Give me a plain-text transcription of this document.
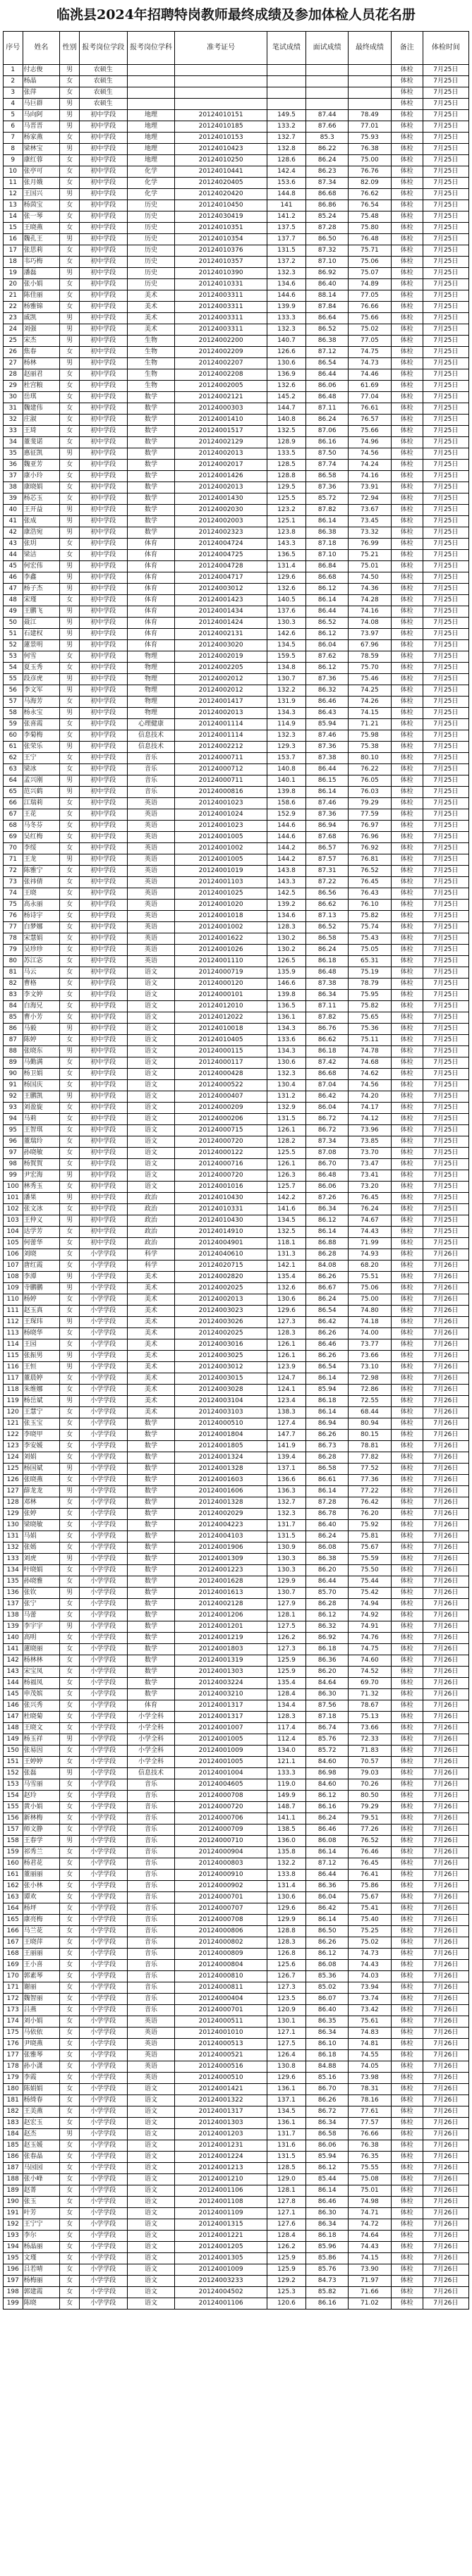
临洮县2024年招聘特岗教师最终成绩及参加体检人员花名册
序号	姓名	性别	报考岗位学段	报考岗位学科	准考证号	笔试成绩	面试成绩	最终成绩	备注	体检时间
1	付志俊	男	农硕生						体检	7月25日
2	杨晶	女	农硕生						体检	7月25日
3	张萍	女	农硕生						体检	7月25日
4	马巨群	男	农硕生						体检	7月25日
5	马向阿	男	初中学段	地理	20124010151	149.5	87.44	78.49	体检	7月25日
6	马晋晋	男	初中学段	地理	20124010185	133.2	87.66	77.01	体检	7月25日
7	杨家燕	女	初中学段	地理	20124010153	132.7	85.3	75.93	体检	7月25日
8	梁林宝	男	初中学段	地理	20124010423	132.8	86.22	76.38	体检	7月25日
9	康红蓉	女	初中学段	地理	20124010250	128.6	86.24	75.00	体检	7月25日
10	张亭可	女	初中学段	化学	20124010441	142.4	86.23	76.76	体检	7月25日
11	张月娥	女	初中学段	化学	20124020405	153.6	87.34	82.09	体检	7月25日
12	王国兴	男	初中学段	化学	20124020420	144.8	86.68	76.62	体检	7月25日
13	杨茵宝	女	初中学段	历史	20124010450	141	86.86	76.54	体检	7月25日
14	张一琴	女	初中学段	历史	20124030419	141.2	85.24	75.48	体检	7月25日
15	王晓燕	女	初中学段	历史	20124010351	137.5	87.28	75.80	体检	7月25日
16	魏孔王	男	初中学段	历史	20124010354	137.7	86.50	76.48	体检	7月25日
17	张思莉	女	初中学段	历史	20124010376	131.5	87.32	75.71	体检	7月25日
18	韦巧梅	女	初中学段	历史	20124010357	137.2	87.10	75.06	体检	7月25日
19	潘磊	男	初中学段	历史	20124010390	132.3	86.92	75.07	体检	7月25日
20	张小娟	女	初中学段	历史	20124010331	134.6	86.40	74.89	体检	7月25日
21	陈佳丽	女	初中学段	美术	20124003311	144.6	88.14	77.05	体检	7月25日
22	杨雅锦	女	初中学段	美术	20124003311	139.9	87.84	76.66	体检	7月25日
23	戚凯	男	初中学段	美术	20124003311	133.3	86.64	75.66	体检	7月25日
24	刘强	男	初中学段	美术	20124003311	132.3	86.52	75.02	体检	7月25日
25	宋杰	男	初中学段	生物	20124002200	140.7	86.38	77.05	体检	7月25日
26	焦春	女	初中学段	生物	20124002209	126.6	87.12	74.75	体检	7月25日
27	杨林	男	初中学段	生物	20124002207	130.6	86.54	74.73	体检	7月25日
28	赵丽君	女	初中学段	生物	20124002208	136.9	86.44	74.46	体检	7月25日
29	杜宫粮	女	初中学段	生物	20124002005	132.6	86.06	61.69	体检	7月25日
30	岳琪	女	初中学段	数学	20124002121	145.2	86.48	77.04	体检	7月25日
31	魏建伟	女	初中学段	数学	20124000303	144.7	87.11	76.61	体检	7月25日
32	庄淑	女	初中学段	数学	20124001410	140.8	86.24	76.57	体检	7月25日
33	王琦	女	初中学段	数学	20124001517	132.5	87.06	75.66	体检	7月25日
34	董斐诺	女	初中学段	数学	20124002129	128.9	86.16	74.96	体检	7月25日
35	惠征凯	男	初中学段	数学	20124002013	133.5	87.50	74.56	体检	7月25日
36	魏亚芳	女	初中学段	数学	20124002017	128.5	87.74	74.24	体检	7月25日
37	康小玲	女	初中学段	数学	20124001426	128.8	86.58	74.16	体检	7月25日
38	康晓娟	女	初中学段	数学	20124002013	129.5	87.36	73.91	体检	7月25日
39	杨芯玉	女	初中学段	数学	20124001430	125.5	85.72	72.94	体检	7月25日
40	王开益	男	初中学段	数学	20124002030	123.2	87.82	73.67	体检	7月25日
41	张成	男	初中学段	数学	20124002003	125.1	86.14	73.45	体检	7月25日
42	康浩宛	男	初中学段	数学	20124002323	123.8	86.38	73.32	体检	7月25日
43	张玥	女	初中学段	体育	20124004724	143.3	87.18	76.99	体检	7月25日
44	梁洁	女	初中学段	体育	20124004725	136.5	87.10	75.21	体检	7月25日
45	何宏伟	男	初中学段	体育	20124004728	131.4	86.84	75.01	体检	7月25日
46	李鑫	男	初中学段	体育	20124004717	129.6	86.68	74.50	体检	7月25日
47	杨子杰	男	初中学段	体育	20124003012	132.6	86.12	74.36	体检	7月25日
48	宋瑾	女	初中学段	体育	20124001423	140.5	86.14	74.28	体检	7月25日
49	王鹏飞	男	初中学段	体育	20124001434	137.6	86.44	74.16	体检	7月25日
50	聂江	男	初中学段	体育	20124001424	130.3	86.52	74.08	体检	7月25日
51	石建权	男	初中学段	体育	20124002131	142.6	86.12	73.97	体检	7月25日
52	蓮景明	男	初中学段	体育	20124003020	134.5	86.04	67.96	体检	7月25日
53	何雪	女	初中学段	物理	20124002019	159.5	87.62	78.59	体检	7月25日
54	夏玉秀	女	初中学段	物理	20124002205	134.8	86.12	75.70	体检	7月25日
55	段彦虎	男	初中学段	物理	20124002012	130.7	87.36	75.46	体检	7月25日
56	李文军	男	初中学段	物理	20124002012	132.2	86.32	74.25	体检	7月25日
57	马海芳	女	初中学段	物理	20124001417	131.9	86.46	74.26	体检	7月25日
58	杨永宝	男	初中学段	物理	20124002013	134.3	86.43	74.15	体检	7月25日
59	张喜霞	女	初中学段	心理健康	20124001114	114.9	85.94	71.21	体检	7月25日
60	李菊梅	女	初中学段	信息技术	20124001114	132.3	87.46	75.98	体检	7月25日
61	张荣乐	男	初中学段	信息技术	20124002212	129.3	87.36	75.38	体检	7月25日
62	王宁	女	初中学段	音乐	20124000711	153.7	87.38	80.10	体检	7月25日
63	梁冰	女	初中学段	音乐	20124000712	140.8	86.44	76.22	体检	7月25日
64	孟兴刚	男	初中学段	音乐	20124000711	140.1	86.15	76.05	体检	7月25日
65	范兴鹤	男	初中学段	音乐	20124000816	139.8	86.14	76.03	体检	7月25日
66	江瑞莉	女	初中学段	英语	20124001023	158.6	87.46	79.29	体检	7月25日
67	王花	女	初中学段	英语	20124001024	152.9	87.36	77.59	体检	7月25日
68	马冬芬	女	初中学段	英语	20124001023	144.6	86.94	76.97	体检	7月25日
69	吴红梅	女	初中学段	英语	20124001005	144.6	87.68	76.96	体检	7月25日
70	李绥	女	初中学段	英语	20124001002	144.2	86.57	76.92	体检	7月25日
71	王龙	男	初中学段	英语	20124001005	144.2	87.57	76.81	体检	7月25日
72	陈雅宁	女	初中学段	英语	20124001019	143.8	87.31	76.52	体检	7月25日
73	张祎倩	女	初中学段	英语	20124001103	143.3	87.22	76.45	体检	7月25日
74	王晓	女	初中学段	英语	20124001025	142.5	86.56	76.43	体检	7月25日
75	高永丽	女	初中学段	英语	20124001020	139.2	86.62	76.10	体检	7月25日
76	杨诗宇	女	初中学段	英语	20124001018	134.6	87.13	75.82	体检	7月25日
77	白梦娜	女	初中学段	英语	20124001002	128.3	86.52	75.74	体检	7月25日
78	宋慧娟	女	初中学段	英语	20124001622	130.2	86.58	75.43	体检	7月25日
79	吴珍珍	女	初中学段	英语	20124001026	130.2	86.24	75.05	体检	7月25日
80	苏江宓	女	初中学段	英语	20124001110	126.5	86.18	65.31	体检	7月25日
81	马云	女	初中学段	语文	20124000719	135.9	86.48	75.19	体检	7月25日
82	曹格	女	初中学段	语文	20124000120	146.6	87.38	78.79	体检	7月25日
83	李文婷	女	初中学段	语文	20124000101	139.8	86.34	75.95	体检	7月25日
84	白海兄	女	初中学段	语文	20124012010	136.5	87.11	75.82	体检	7月25日
85	曹小芳	女	初中学段	语文	20124012022	136.1	87.82	75.65	体检	7月25日
86	马毅	男	初中学段	语文	20124010018	134.3	86.76	75.36	体检	7月25日
87	陈婷	女	初中学段	语文	20124010405	133.6	86.62	75.11	体检	7月25日
88	张晓东	男	初中学段	语文	20124000115	134.3	86.18	74.78	体检	7月25日
89	马勤满	女	初中学段	语文	20124000117	130.6	87.42	74.68	体检	7月25日
90	杨卫娟	女	初中学段	语文	20124000428	132.3	86.68	74.62	体检	7月25日
91	杨国庆	女	初中学段	语文	20124000522	130.4	87.04	74.56	体检	7月25日
92	王鹏凯	男	初中学段	语文	20124000407	131.2	86.42	74.20	体检	7月25日
93	刘盈旋	女	初中学段	语文	20124000209	132.9	86.04	74.17	体检	7月25日
94	马莉	女	初中学段	语文	20124000206	131.5	86.72	74.12	体检	7月25日
95	王智琪	女	初中学段	语文	20124000715	126.1	86.72	73.96	体检	7月25日
96	董瑞玲	女	初中学段	语文	20124000720	128.2	87.34	73.85	体检	7月25日
97	孙晓敏	女	初中学段	语文	20124000122	125.5	87.08	73.70	体检	7月25日
98	杨賀賀	女	初中学段	语文	20124000716	126.1	86.70	73.47	体检	7月25日
99	尹宏海	男	初中学段	语文	20124000720	126.3	86.48	73.41	体检	7月25日
100	林秀玉	女	初中学段	语文	20124001016	125.7	86.06	73.20	体检	7月25日
101	潘果	男	初中学段	政治	20124010430	142.2	87.26	76.45	体检	7月25日
102	张文冰	女	初中学段	政治	20124010331	141.6	86.34	76.24	体检	7月25日
103	王仲义	男	初中学段	政治	20124010430	134.5	86.12	74.67	体检	7月25日
104	达学芳	女	初中学段	政治	20124014910	132.5	86.14	74.43	体检	7月25日
105	何蕾华	女	初中学段	政治	20124004901	118.1	86.88	71.99	体检	7月25日
106	刘晓	女	小学学段	科学	20124040610	131.3	86.28	74.93	体检	7月26日
107	唐红霞	女	小学学段	科学	20124020715	142.1	84.08	68.20	体检	7月26日
108	李潭	男	小学学段	美术	20124002820	135.4	86.26	75.51	体检	7月26日
109	寺鹏鹏	男	小学学段	美术	20124002025	132.6	86.67	75.06	体检	7月26日
110	杨婷	女	小学学段	美术	20124002013	130.6	86.24	75.00	体检	7月26日
111	赵玉真	女	小学学段	美术	20124003023	129.6	86.54	74.80	体检	7月26日
112	王琛玮	男	小学学段	美术	20124003026	127.3	86.42	74.18	体检	7月26日
113	杨晓华	女	小学学段	美术	20124002025	128.3	86.26	74.00	体检	7月26日
114	王园	女	小学学段	美术	20124003016	126.1	86.46	73.77	体检	7月26日
115	张振男	男	小学学段	美术	20124003025	126.1	86.26	73.66	体检	7月26日
116	王恒	男	小学学段	美术	20124003012	123.9	86.54	73.10	体检	7月26日
117	董晨婷	女	小学学段	美术	20124003015	124.7	86.14	72.98	体检	7月26日
118	朱维娜	女	小学学段	美术	20124003028	124.1	85.94	72.86	体检	7月26日
119	杨岳斌	男	小学学段	美术	20124003104	123.4	86.18	72.55	体检	7月26日
120	王慧宁	女	小学学段	美术	20124003103	138.3	86.14	68.44	体检	7月26日
121	张玉宝	女	小学学段	数学	20124000510	127.4	86.94	80.94	体检	7月26日
122	李晓甲	女	小学学段	数学	20124001804	147.7	86.26	80.15	体检	7月26日
123	李安媛	女	小学学段	数学	20124001805	141.9	86.73	78.81	体检	7月26日
124	刘娟	女	小学学段	数学	20124001324	139.4	86.28	77.82	体检	7月26日
125	杨国斌	男	小学学段	数学	20124001328	137.1	86.58	77.52	体检	7月26日
126	张晓燕	女	小学学段	数学	20124001603	136.6	86.61	77.36	体检	7月26日
127	薛龙龙	男	小学学段	数学	20124001606	136.3	86.14	77.22	体检	7月26日
128	邓林	女	小学学段	数学	20124001328	132.7	87.28	76.42	体检	7月26日
129	张婷	女	小学学段	数学	20124002029	132.3	86.78	76.20	体检	7月26日
130	梁晓敏	女	小学学段	数学	20124004223	131.7	86.40	75.92	体检	7月26日
131	马娟	女	小学学段	数学	20124004103	131.5	86.24	75.81	体检	7月26日
132	张嫣	女	小学学段	数学	20124001906	130.9	86.08	75.67	体检	7月26日
133	刘虎	男	小学学段	数学	20124001309	130.3	86.38	75.59	体检	7月26日
134	叶晓娟	女	小学学段	数学	20124001223	130.3	86.20	75.50	体检	7月26日
135	孙晓雅	女	小学学段	数学	20124001628	129.9	86.44	75.44	体检	7月26日
136	张钦	男	小学学段	数学	20124001613	130.7	85.70	75.42	体检	7月26日
137	张宁	女	小学学段	数学	20124002128	127.9	86.28	74.94	体检	7月26日
138	马蕾	女	小学学段	数学	20124001206	128.1	86.12	74.92	体检	7月26日
139	李宇宇	男	小学学段	数学	20124001201	127.5	86.32	74.91	体检	7月26日
140	高明	女	小学学段	数学	20124001219	126.2	86.92	74.76	体检	7月26日
141	蓮晓丽	女	小学学段	数学	20124001803	127.3	86.18	74.75	体检	7月26日
142	杨林林	女	小学学段	数学	20124001319	125.9	86.36	74.60	体检	7月26日
143	宋宝凤	女	小学学段	数学	20124001303	125.9	86.20	74.52	体检	7月26日
144	杨福凤	女	小学学段	数学	20124003224	135.4	84.64	69.70	体检	7月26日
145	申茂嫔	女	小学学段	数学	20124003210	128.4	86.30	71.32	体检	7月26日
146	张兴秀	女	小学学段	体育	20124001317	134.4	87.56	78.67	体检	7月26日
147	杜晓菊	女	小学学段	小学全科	20124001317	128.3	87.18	75.13	体检	7月26日
148	王晓文	女	小学学段	小学全科	20124001007	117.4	86.74	73.66	体检	7月26日
149	杨玉祥	男	小学学段	小学全科	20124001005	112.4	85.76	72.33	体检	7月26日
150	张易因	女	小学学段	小学全科	20124001009	134.0	85.72	71.83	体检	7月26日
151	王婷婷	女	小学学段	小学全科	20124001005	121.1	84.60	70.57	体检	7月26日
152	张磊	男	小学学段	信息技术	20124001004	133.3	86.98	79.03	体检	7月26日
153	马雪丽	女	小学学段	音乐	20124004605	119.0	84.60	70.26	体检	7月26日
154	赵玲	女	小学学段	音乐	20124000708	149.9	86.12	80.50	体检	7月26日
155	黄小娟	女	小学学段	音乐	20124000720	148.7	86.16	79.29	体检	7月26日
156	新林梅	女	小学学段	音乐	20124000706	141.1	86.24	79.51	体检	7月26日
157	师文静	女	小学学段	音乐	20124000709	138.5	86.46	77.26	体检	7月26日
158	王春学	男	小学学段	音乐	20124000710	136.0	86.08	76.52	体检	7月26日
159	祁秀兰	女	小学学段	音乐	20124000904	135.8	86.14	76.46	体检	7月26日
160	杨君花	女	小学学段	音乐	20124000803	132.2	87.12	76.45	体检	7月26日
161	董丽丽	女	小学学段	音乐	20124000910	133.8	86.44	76.41	体检	7月26日
162	张小林	女	小学学段	音乐	20124000902	131.4	86.36	75.86	体检	7月26日
163	谭欢	女	小学学段	音乐	20124000701	130.6	86.04	75.67	体检	7月26日
164	杨坪	女	小学学段	音乐	20124000707	129.6	86.42	75.41	体检	7月26日
165	康亮梅	女	小学学段	音乐	20124000708	129.9	86.14	75.40	体检	7月26日
166	马兰花	女	小学学段	音乐	20124000806	128.8	86.50	75.25	体检	7月26日
167	王晓萍	女	小学学段	音乐	20124000802	128.3	86.26	75.02	体检	7月26日
168	王丽丽	女	小学学段	音乐	20124000809	126.8	86.12	74.73	体检	7月26日
169	王小喜	女	小学学段	音乐	20124000804	125.6	86.08	74.43	体检	7月26日
170	郭素琴	女	小学学段	音乐	20124000810	126.7	85.36	74.03	体检	7月26日
171	谢丽	女	小学学段	音乐	20124000811	127.3	85.02	73.94	体检	7月26日
172	魏智丽	女	小学学段	音乐	20124000404	123.5	86.07	73.74	体检	7月26日
173	吕燕	女	小学学段	音乐	20124000701	120.9	86.40	73.42	体检	7月26日
174	刘小娟	女	小学学段	英语	20124000511	130.1	86.35	75.61	体检	7月26日
175	马依依	女	小学学段	英语	20124001010	127.1	86.34	74.83	体检	7月26日
176	尹晓燕	女	小学学段	英语	20124000513	127.5	86.10	74.81	体检	7月26日
177	张雅琴	女	小学学段	英语	20124000521	126.4	86.18	74.55	体检	7月26日
178	孙小潇	女	小学学段	英语	20124000516	130.8	84.88	74.05	体检	7月26日
179	李霞	女	小学学段	英语	20124000510	129.6	85.16	73.98	体检	7月26日
180	陈娟娟	女	小学学段	语文	20124001421	136.1	86.70	78.31	体检	7月26日
181	杨绮春	女	小学学段	语文	20124001322	137.1	86.26	78.16	体检	7月26日
182	王美燕	女	小学学段	语文	20124001317	134.5	86.72	77.61	体检	7月26日
183	赵宏玉	女	小学学段	语文	20124001303	136.1	86.34	77.57	体检	7月26日
184	赵杰	男	小学学段	语文	20124001203	131.7	86.58	76.66	体检	7月26日
185	赵玉媛	女	小学学段	语文	20124001231	131.6	86.06	76.38	体检	7月26日
186	张春晶	女	小学学段	语文	20124001224	131.5	85.94	76.35	体检	7月26日
187	马园园	女	小学学段	语文	20124001213	128.5	86.12	75.55	体检	7月26日
188	张小峰	女	小学学段	语文	20124001210	129.0	85.44	75.08	体检	7月26日
189	赵菁	女	小学学段	语文	20124001106	128.1	86.14	75.01	体检	7月26日
190	张玉	女	小学学段	语文	20124001108	127.8	86.46	74.98	体检	7月26日
191	叶芳	女	小学学段	语文	20124001109	127.1	86.30	74.71	体检	7月26日
192	王宁宁	女	小学学段	语文	20124001315	127.6	86.34	74.72	体检	7月26日
193	李尔	女	小学学段	语文	20124001221	128.4	86.18	74.64	体检	7月26日
194	杨晶丽	女	小学学段	语文	20124001205	126.2	85.96	74.43	体检	7月26日
195	文瑾	女	小学学段	语文	20124001305	125.9	85.86	74.15	体检	7月26日
196	吕若晴	女	小学学段	语文	20124001009	125.9	85.76	73.90	体检	7月26日
197	杨梅丽	女	小学学段	语文	20124003233	129.2	84.73	71.97	体检	7月26日
198	郭建霞	女	小学学段	语文	20124004502	125.3	85.82	71.66	体检	7月26日
199	陈晓	女	小学学段	语文	20124001106	120.6	86.16	71.02	体检	7月26日
